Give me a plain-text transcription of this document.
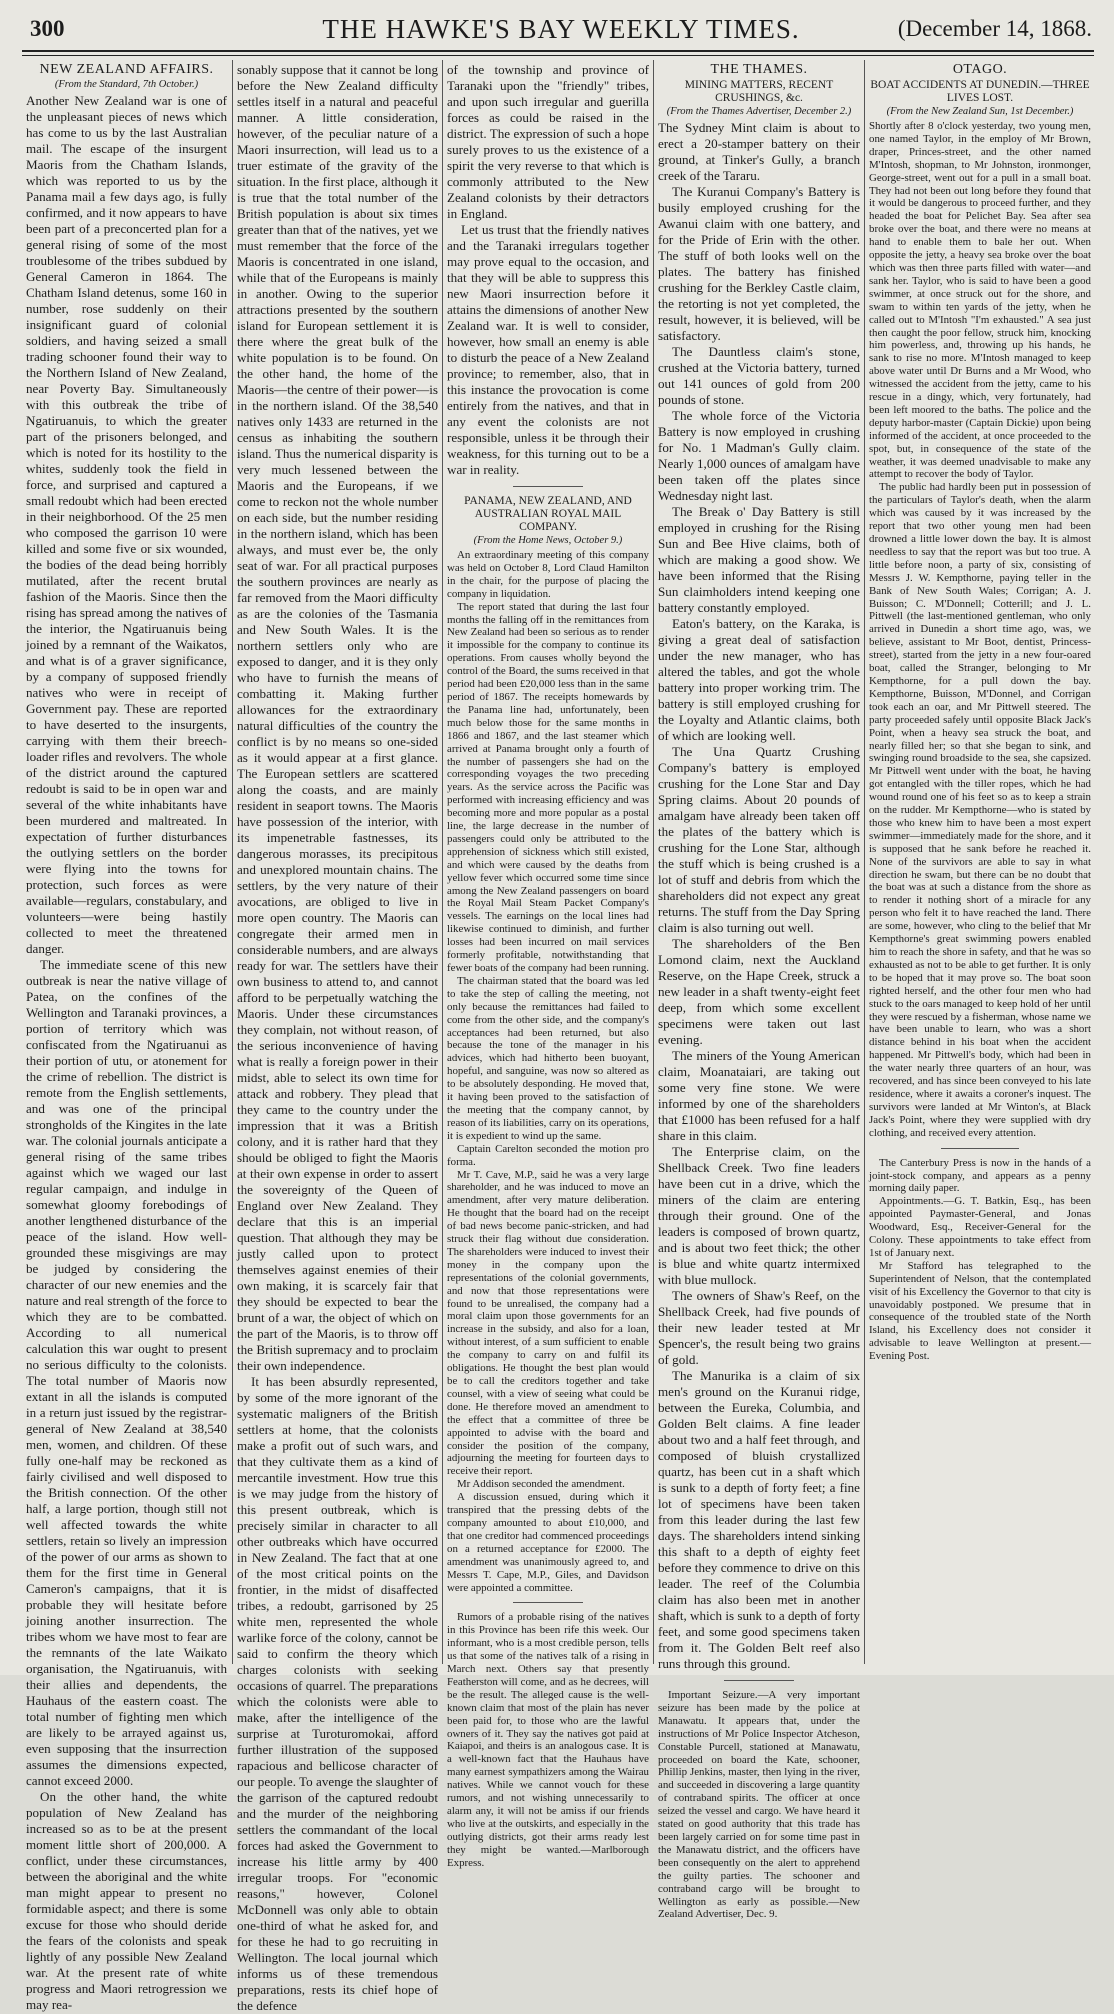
300	THE HAWKE'S BAY WEEKLY TIMES.	(December 14, 1868.
NEW ZEALAND AFFAIRS.
(From the Standard, 7th October.)

Another New Zealand war is one of the unpleasant pieces of news which has come to us by the last Australian mail. The escape of the insurgent Maoris from the Chatham Islands, which was reported to us by the Panama mail a few days ago, is fully confirmed, and it now appears to have been part of a preconcerted plan for a general rising of some of the most troublesome of the tribes subdued by General Cameron in 1864. The Chatham Island detenus, some 160 in number, rose suddenly on their insignificant guard of colonial soldiers, and having seized a small trading schooner found their way to the Northern Island of New Zealand, near Poverty Bay. Simultaneously with this outbreak the tribe of Ngatiruanuis, to which the greater part of the prisoners belonged, and which is noted for its hostility to the whites, suddenly took the field in force, and surprised and captured a small redoubt which had been erected in their neighborhood. Of the 25 men who composed the garrison 10 were killed and some five or six wounded, the bodies of the dead being horribly mutilated, after the recent brutal fashion of the Maoris. Since then the rising has spread among the natives of the interior, the Ngatiruanuis being joined by a remnant of the Waikatos, and what is of a graver significance, by a company of supposed friendly natives who were in receipt of Government pay. These are reported to have deserted to the insurgents, carrying with them their breech-loader rifles and revolvers. The whole of the district around the captured redoubt is said to be in open war and several of the white inhabitants have been murdered and maltreated. In expectation of further disturbances the outlying settlers on the border were flying into the towns for protection, such forces as were available—regulars, constabulary, and volunteers—were being hastily collected to meet the threatened danger.

The immediate scene of this new outbreak is near the native village of Patea, on the confines of the Wellington and Taranaki provinces, a portion of territory which was confiscated from the Ngatiruanui as their portion of utu, or atonement for the crime of rebellion. The district is remote from the English settlements, and was one of the principal strongholds of the Kingites in the late war. The colonial journals anticipate a general rising of the same tribes against which we waged our last regular campaign, and indulge in somewhat gloomy forebodings of another lengthened disturbance of the peace of the island. How well-grounded these misgivings are may be judged by considering the character of our new enemies and the nature and real strength of the force to which they are to be combatted. According to all numerical calculation this war ought to present no serious difficulty to the colonists. The total number of Maoris now extant in all the islands is computed in a return just issued by the registrar-general of New Zealand at 38,540 men, women, and children. Of these fully one-half may be reckoned as fairly civilised and well disposed to the British connection. Of the other half, a large portion, though still not well affected towards the white settlers, retain so lively an impression of the power of our arms as shown to them for the first time in General Cameron's campaigns, that it is probable they will hesitate before joining another insurrection. The tribes whom we have most to fear are the remnants of the late Waikato organisation, the Ngatiruanuis, with their allies and dependents, the Hauhaus of the eastern coast. The total number of fighting men which are likely to be arrayed against us, even supposing that the insurrection assumes the dimensions expected, cannot exceed 2000.

On the other hand, the white population of New Zealand has increased so as to be at the present moment little short of 200,000. A conflict, under these circumstances, between the aboriginal and the white man might appear to present no formidable aspect; and there is some excuse for those who should deride the fears of the colonists and speak lightly of any possible New Zealand war. At the present rate of white progress and Maori retrogression we may rea-

sonably suppose that it cannot be long before the New Zealand difficulty settles itself in a natural and peaceful manner. A little consideration, however, of the peculiar nature of a Maori insurrection, will lead us to a truer estimate of the gravity of the situation. In the first place, although it is true that the total number of the British population is about six times greater than that of the natives, yet we must remember that the force of the Maoris is concentrated in one island, while that of the Europeans is mainly in another. Owing to the superior attractions presented by the southern island for European settlement it is there where the great bulk of the white population is to be found. On the other hand, the home of the Maoris—the centre of their power—is in the northern island. Of the 38,540 natives only 1433 are returned in the census as inhabiting the southern island. Thus the numerical disparity is very much lessened between the Maoris and the Europeans, if we come to reckon not the whole number on each side, but the number residing in the northern island, which has been always, and must ever be, the only seat of war. For all practical purposes the southern provinces are nearly as far removed from the Maori difficulty as are the colonies of the Tasmania and New South Wales. It is the northern settlers only who are exposed to danger, and it is they only who have to furnish the means of combatting it. Making further allowances for the extraordinary natural difficulties of the country the conflict is by no means so one-sided as it would appear at a first glance. The European settlers are scattered along the coasts, and are mainly resident in seaport towns. The Maoris have possession of the interior, with its impenetrable fastnesses, its dangerous morasses, its precipitous and unexplored mountain chains. The settlers, by the very nature of their avocations, are obliged to live in more open country. The Maoris can congregate their armed men in considerable numbers, and are always ready for war. The settlers have their own business to attend to, and cannot afford to be perpetually watching the Maoris. Under these circumstances they complain, not without reason, of the serious inconvenience of having what is really a foreign power in their midst, able to select its own time for attack and robbery. They plead that they came to the country under the impression that it was a British colony, and it is rather hard that they should be obliged to fight the Maoris at their own expense in order to assert the sovereignty of the Queen of England over New Zealand. They declare that this is an imperial question. That although they may be justly called upon to protect themselves against enemies of their own making, it is scarcely fair that they should be expected to bear the brunt of a war, the object of which on the part of the Maoris, is to throw off the British supremacy and to proclaim their own independence.

It has been absurdly represented, by some of the more ignorant of the systematic maligners of the British settlers at home, that the colonists make a profit out of such wars, and that they cultivate them as a kind of mercantile investment. How true this is we may judge from the history of this present outbreak, which is precisely similar in character to all other outbreaks which have occurred in New Zealand. The fact that at one of the most critical points on the frontier, in the midst of disaffected tribes, a redoubt, garrisoned by 25 white men, represented the whole warlike force of the colony, cannot be said to confirm the theory which charges colonists with seeking occasions of quarrel. The preparations which the colonists were able to make, after the intelligence of the surprise at Turoturomokai, afford further illustration of the supposed rapacious and bellicose character of our people. To avenge the slaughter of the garrison of the captured redoubt and the murder of the neighboring settlers the commandant of the local forces had asked the Government to increase his little army by 400 irregular troops. For "economic reasons," however, Colonel McDonnell was only able to obtain one-third of what he asked for, and for these he had to go recruiting in Wellington. The local journal which informs us of these tremendous preparations, rests its chief hope of the defence

of the township and province of Taranaki upon the "friendly" tribes, and upon such irregular and guerilla forces as could be raised in the district. The expression of such a hope surely proves to us the existence of a spirit the very reverse to that which is commonly attributed to the New Zealand colonists by their detractors in England.

Let us trust that the friendly natives and the Taranaki irregulars together may prove equal to the occasion, and that they will be able to suppress this new Maori insurrection before it attains the dimensions of another New Zealand war. It is well to consider, however, how small an enemy is able to disturb the peace of a New Zealand province; to remember, also, that in this instance the provocation is come entirely from the natives, and that in any event the colonists are not responsible, unless it be through their weakness, for this turning out to be a war in reality.

PANAMA, NEW ZEALAND, AND AUSTRALIAN ROYAL MAIL COMPANY.
(From the Home News, October 9.)

An extraordinary meeting of this company was held on October 8, Lord Claud Hamilton in the chair, for the purpose of placing the company in liquidation.

The report stated that during the last four months the falling off in the remittances from New Zealand had been so serious as to render it impossible for the company to continue its operations. From causes wholly beyond the control of the Board, the sums received in that period had been £20,000 less than in the same period of 1867. The receipts homewards by the Panama line had, unfortunately, been much below those for the same months in 1866 and 1867, and the last steamer which arrived at Panama brought only a fourth of the number of passengers she had on the corresponding voyages the two preceding years. As the service across the Pacific was performed with increasing efficiency and was becoming more and more popular as a postal line, the large decrease in the number of passengers could only be attributed to the apprehension of sickness which still existed, and which were caused by the deaths from yellow fever which occurred some time since among the New Zealand passengers on board the Royal Mail Steam Packet Company's vessels. The earnings on the local lines had likewise continued to diminish, and further losses had been incurred on mail services formerly profitable, notwithstanding that fewer boats of the company had been running.

The chairman stated that the board was led to take the step of calling the meeting, not only because the remittances had failed to come from the other side, and the company's acceptances had been returned, but also because the tone of the manager in his advices, which had hitherto been buoyant, hopeful, and sanguine, was now so altered as to be absolutely desponding. He moved that, it having been proved to the satisfaction of the meeting that the company cannot, by reason of its liabilities, carry on its operations, it is expedient to wind up the same.

Captain Carelton seconded the motion pro forma.

Mr T. Cave, M.P., said he was a very large shareholder, and he was induced to move an amendment, after very mature deliberation. He thought that the board had on the receipt of bad news become panic-stricken, and had struck their flag without due consideration. The shareholders were induced to invest their money in the company upon the representations of the colonial governments, and now that those representations were found to be unrealised, the company had a moral claim upon those governments for an increase in the subsidy, and also for a loan, without interest, of a sum sufficient to enable the company to carry on and fulfil its obligations. He thought the best plan would be to call the creditors together and take counsel, with a view of seeing what could be done. He therefore moved an amendment to the effect that a committee of three be appointed to advise with the board and consider the position of the company, adjourning the meeting for fourteen days to receive their report.

Mr Addison seconded the amendment.

A discussion ensued, during which it transpired that the pressing debts of the company amounted to about £10,000, and that one creditor had commenced proceedings on a returned acceptance for £2000. The amendment was unanimously agreed to, and Messrs T. Cape, M.P., Giles, and Davidson were appointed a committee.

Rumors of a probable rising of the natives in this Province has been rife this week. Our informant, who is a most credible person, tells us that some of the natives talk of a rising in March next. Others say that presently Featherston will come, and as he decrees, will be the result. The alleged cause is the well-known claim that most of the plain has never been paid for, to those who are the lawful owners of it. They say the natives got paid at Kaiapoi, and theirs is an analogous case. It is a well-known fact that the Hauhaus have many earnest sympathizers among the Wairau natives. While we cannot vouch for these rumors, and not wishing unnecessarily to alarm any, it will not be amiss if our friends who live at the outskirts, and especially in the outlying districts, got their arms ready lest they might be wanted.—Marlborough Express.

THE THAMES.
MINING MATTERS, RECENT CRUSHINGS, &c.
(From the Thames Advertiser, December 2.)

The Sydney Mint claim is about to erect a 20-stamper battery on their ground, at Tinker's Gully, a branch creek of the Tararu.

The Kuranui Company's Battery is busily employed crushing for the Awanui claim with one battery, and for the Pride of Erin with the other. The stuff of both looks well on the plates. The battery has finished crushing for the Berkley Castle claim, the retorting is not yet completed, the result, however, it is believed, will be satisfactory.

The Dauntless claim's stone, crushed at the Victoria battery, turned out 141 ounces of gold from 200 pounds of stone.

The whole force of the Victoria Battery is now employed in crushing for No. 1 Madman's Gully claim. Nearly 1,000 ounces of amalgam have been taken off the plates since Wednesday night last.

The Break o' Day Battery is still employed in crushing for the Rising Sun and Bee Hive claims, both of which are making a good show. We have been informed that the Rising Sun claimholders intend keeping one battery constantly employed.

Eaton's battery, on the Karaka, is giving a great deal of satisfaction under the new manager, who has altered the tables, and got the whole battery into proper working trim. The battery is still employed crushing for the Loyalty and Atlantic claims, both of which are looking well.

The Una Quartz Crushing Company's battery is employed crushing for the Lone Star and Day Spring claims. About 20 pounds of amalgam have already been taken off the plates of the battery which is crushing for the Lone Star, although the stuff which is being crushed is a lot of stuff and debris from which the shareholders did not expect any great returns. The stuff from the Day Spring claim is also turning out well.

The shareholders of the Ben Lomond claim, next the Auckland Reserve, on the Hape Creek, struck a new leader in a shaft twenty-eight feet deep, from which some excellent specimens were taken out last evening.

The miners of the Young American claim, Moanataiari, are taking out some very fine stone. We were informed by one of the shareholders that £1000 has been refused for a half share in this claim.

The Enterprise claim, on the Shellback Creek. Two fine leaders have been cut in a drive, which the miners of the claim are entering through their ground. One of the leaders is composed of brown quartz, and is about two feet thick; the other is blue and white quartz intermixed with blue mullock.

The owners of Shaw's Reef, on the Shellback Creek, had five pounds of their new leader tested at Mr Spencer's, the result being two grains of gold.

The Manurika is a claim of six men's ground on the Kuranui ridge, between the Eureka, Columbia, and Golden Belt claims. A fine leader about two and a half feet through, and composed of bluish crystallized quartz, has been cut in a shaft which is sunk to a depth of forty feet; a fine lot of specimens have been taken from this leader during the last few days. The shareholders intend sinking this shaft to a depth of eighty feet before they commence to drive on this leader. The reef of the Columbia claim has also been met in another shaft, which is sunk to a depth of forty feet, and some good specimens taken from it. The Golden Belt reef also runs through this ground.

Important Seizure.—A very important seizure has been made by the police at Manawatu. It appears that, under the instructions of Mr Police Inspector Atcheson, Constable Purcell, stationed at Manawatu, proceeded on board the Kate, schooner, Phillip Jenkins, master, then lying in the river, and succeeded in discovering a large quantity of contraband spirits. The officer at once seized the vessel and cargo. We have heard it stated on good authority that this trade has been largely carried on for some time past in the Manawatu district, and the officers have been consequently on the alert to apprehend the guilty parties. The schooner and contraband cargo will be brought to Wellington as early as possible.—New Zealand Advertiser, Dec. 9.

OTAGO.
BOAT ACCIDENTS AT DUNEDIN.—THREE LIVES LOST.
(From the New Zealand Sun, 1st December.)

Shortly after 8 o'clock yesterday, two young men, one named Taylor, in the employ of Mr Brown, draper, Princes-street, and the other named M'Intosh, shopman, to Mr Johnston, ironmonger, George-street, went out for a pull in a small boat. They had not been out long before they found that it would be dangerous to proceed further, and they headed the boat for Pelichet Bay. Sea after sea broke over the boat, and there were no means at hand to enable them to bale her out. When opposite the jetty, a heavy sea broke over the boat which was then three parts filled with water—and sank her. Taylor, who is said to have been a good swimmer, at once struck out for the shore, and swam to within ten yards of the jetty, when he called out to M'Intosh "I'm exhausted." A sea just then caught the poor fellow, struck him, knocking him powerless, and, throwing up his hands, he sank to rise no more. M'Intosh managed to keep above water until Dr Burns and a Mr Wood, who witnessed the accident from the jetty, came to his rescue in a dingy, which, very fortunately, had been left moored to the baths. The police and the deputy harbor-master (Captain Dickie) upon being informed of the accident, at once proceeded to the spot, but, in consequence of the state of the weather, it was deemed unadvisable to make any attempt to recover the body of Taylor.

The public had hardly been put in possession of the particulars of Taylor's death, when the alarm which was caused by it was increased by the report that two other young men had been drowned a little lower down the bay. It is almost needless to say that the report was but too true. A little before noon, a party of six, consisting of Messrs J. W. Kempthorne, paying teller in the Bank of New South Wales; Corrigan; A. J. Buisson; C. M'Donnell; Cotterill; and J. L. Pittwell (the last-mentioned gentleman, who only arrived in Dunedin a short time ago, was, we believe, assistant to Mr Boot, dentist, Princess-street), started from the jetty in a new four-oared boat, called the Stranger, belonging to Mr Kempthorne, for a pull down the bay. Kempthorne, Buisson, M'Donnel, and Corrigan took each an oar, and Mr Pittwell steered. The party proceeded safely until opposite Black Jack's Point, when a heavy sea struck the boat, and nearly filled her; so that she began to sink, and swinging round broadside to the sea, she capsized. Mr Pittwell went under with the boat, he having got entangled with the tiller ropes, which he had wound round one of his feet so as to keep a strain on the rudder. Mr Kempthorne—who is stated by those who knew him to have been a most expert swimmer—immediately made for the shore, and it is supposed that he sank before he reached it. None of the survivors are able to say in what direction he swam, but there can be no doubt that the boat was at such a distance from the shore as to render it nothing short of a miracle for any person who felt it to have reached the land. There are some, however, who cling to the belief that Mr Kempthorne's great swimming powers enabled him to reach the shore in safety, and that he was so exhausted as not to be able to get further. It is only to be hoped that it may prove so. The boat soon righted herself, and the other four men who had stuck to the oars managed to keep hold of her until they were rescued by a fisherman, whose name we have been unable to learn, who was a short distance behind in his boat when the accident happened. Mr Pittwell's body, which had been in the water nearly three quarters of an hour, was recovered, and has since been conveyed to his late residence, where it awaits a coroner's inquest. The survivors were landed at Mr Winton's, at Black Jack's Point, where they were supplied with dry clothing, and received every attention.

The Canterbury Press is now in the hands of a joint-stock company, and appears as a penny morning daily paper.

Appointments.—G. T. Batkin, Esq., has been appointed Paymaster-General, and Jonas Woodward, Esq., Receiver-General for the Colony. These appointments to take effect from 1st of January next.

Mr Stafford has telegraphed to the Superintendent of Nelson, that the contemplated visit of his Excellency the Governor to that city is unavoidably postponed. We presume that in consequence of the troubled state of the North Island, his Excellency does not consider it advisable to leave Wellington at present.—Evening Post.
